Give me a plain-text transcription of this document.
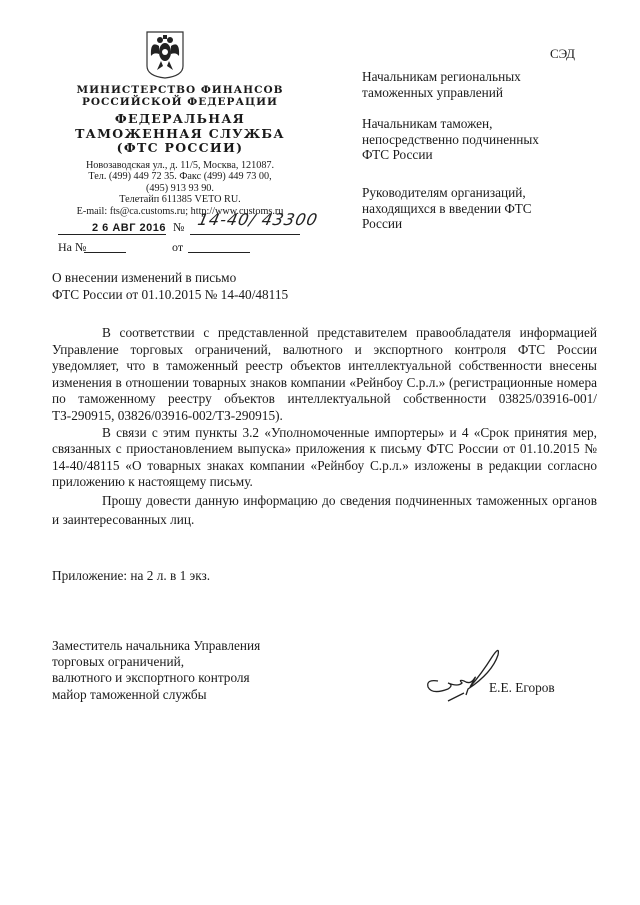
МИНИСТЕРСТВО ФИНАНСОВ
РОССИЙСКОЙ ФЕДЕРАЦИИ
ФЕДЕРАЛЬНАЯ
ТАМОЖЕННАЯ СЛУЖБА
(ФТС РОССИИ)
Новозаводская ул., д. 11/5, Москва, 121087.
Тел. (499) 449 72 35. Факс (499) 449 73 00,
(495) 913 93 90.
Телетайп 611385 VETO RU.
E-mail: fts@ca.customs.ru; http://www.customs.ru
2 6 АВГ 2016 № 14-40/ 43300
На №	от
СЭД
Начальникам региональных
таможенных управлений
Начальникам таможен,
непосредственно подчиненных
ФТС России
Руководителям организаций,
находящихся в введении ФТС
России
О внесении изменений в письмо
ФТС России от 01.10.2015 № 14-40/48115

В соответствии с представленной представителем правообладателя информацией Управление торговых ограничений, валютного и экспортного контроля ФТС России уведомляет, что в таможенный реестр объектов интеллектуальной собственности внесены изменения в отношении товарных знаков компании «Рейнбоу С.р.л.» (регистрационные номера по таможенному реестру объектов интеллектуальной собственности 03825/03916-001/ТЗ-290915, 03826/03916-002/ТЗ-290915).

В связи с этим пункты 3.2 «Уполномоченные импортеры» и 4 «Срок принятия мер, связанных с приостановлением выпуска» приложения к письму ФТС России от 01.10.2015 № 14-40/48115 «О товарных знаках компании «Рейнбоу С.р.л.» изложены в редакции согласно приложению к настоящему письму.

Прошу довести данную информацию до сведения подчиненных таможенных органов и заинтересованных лиц.

Приложение: на 2 л. в 1 экз.
Заместитель начальника Управления
торговых ограничений,
валютного и экспортного контроля
майор таможенной службы	Е.Е. Егоров
